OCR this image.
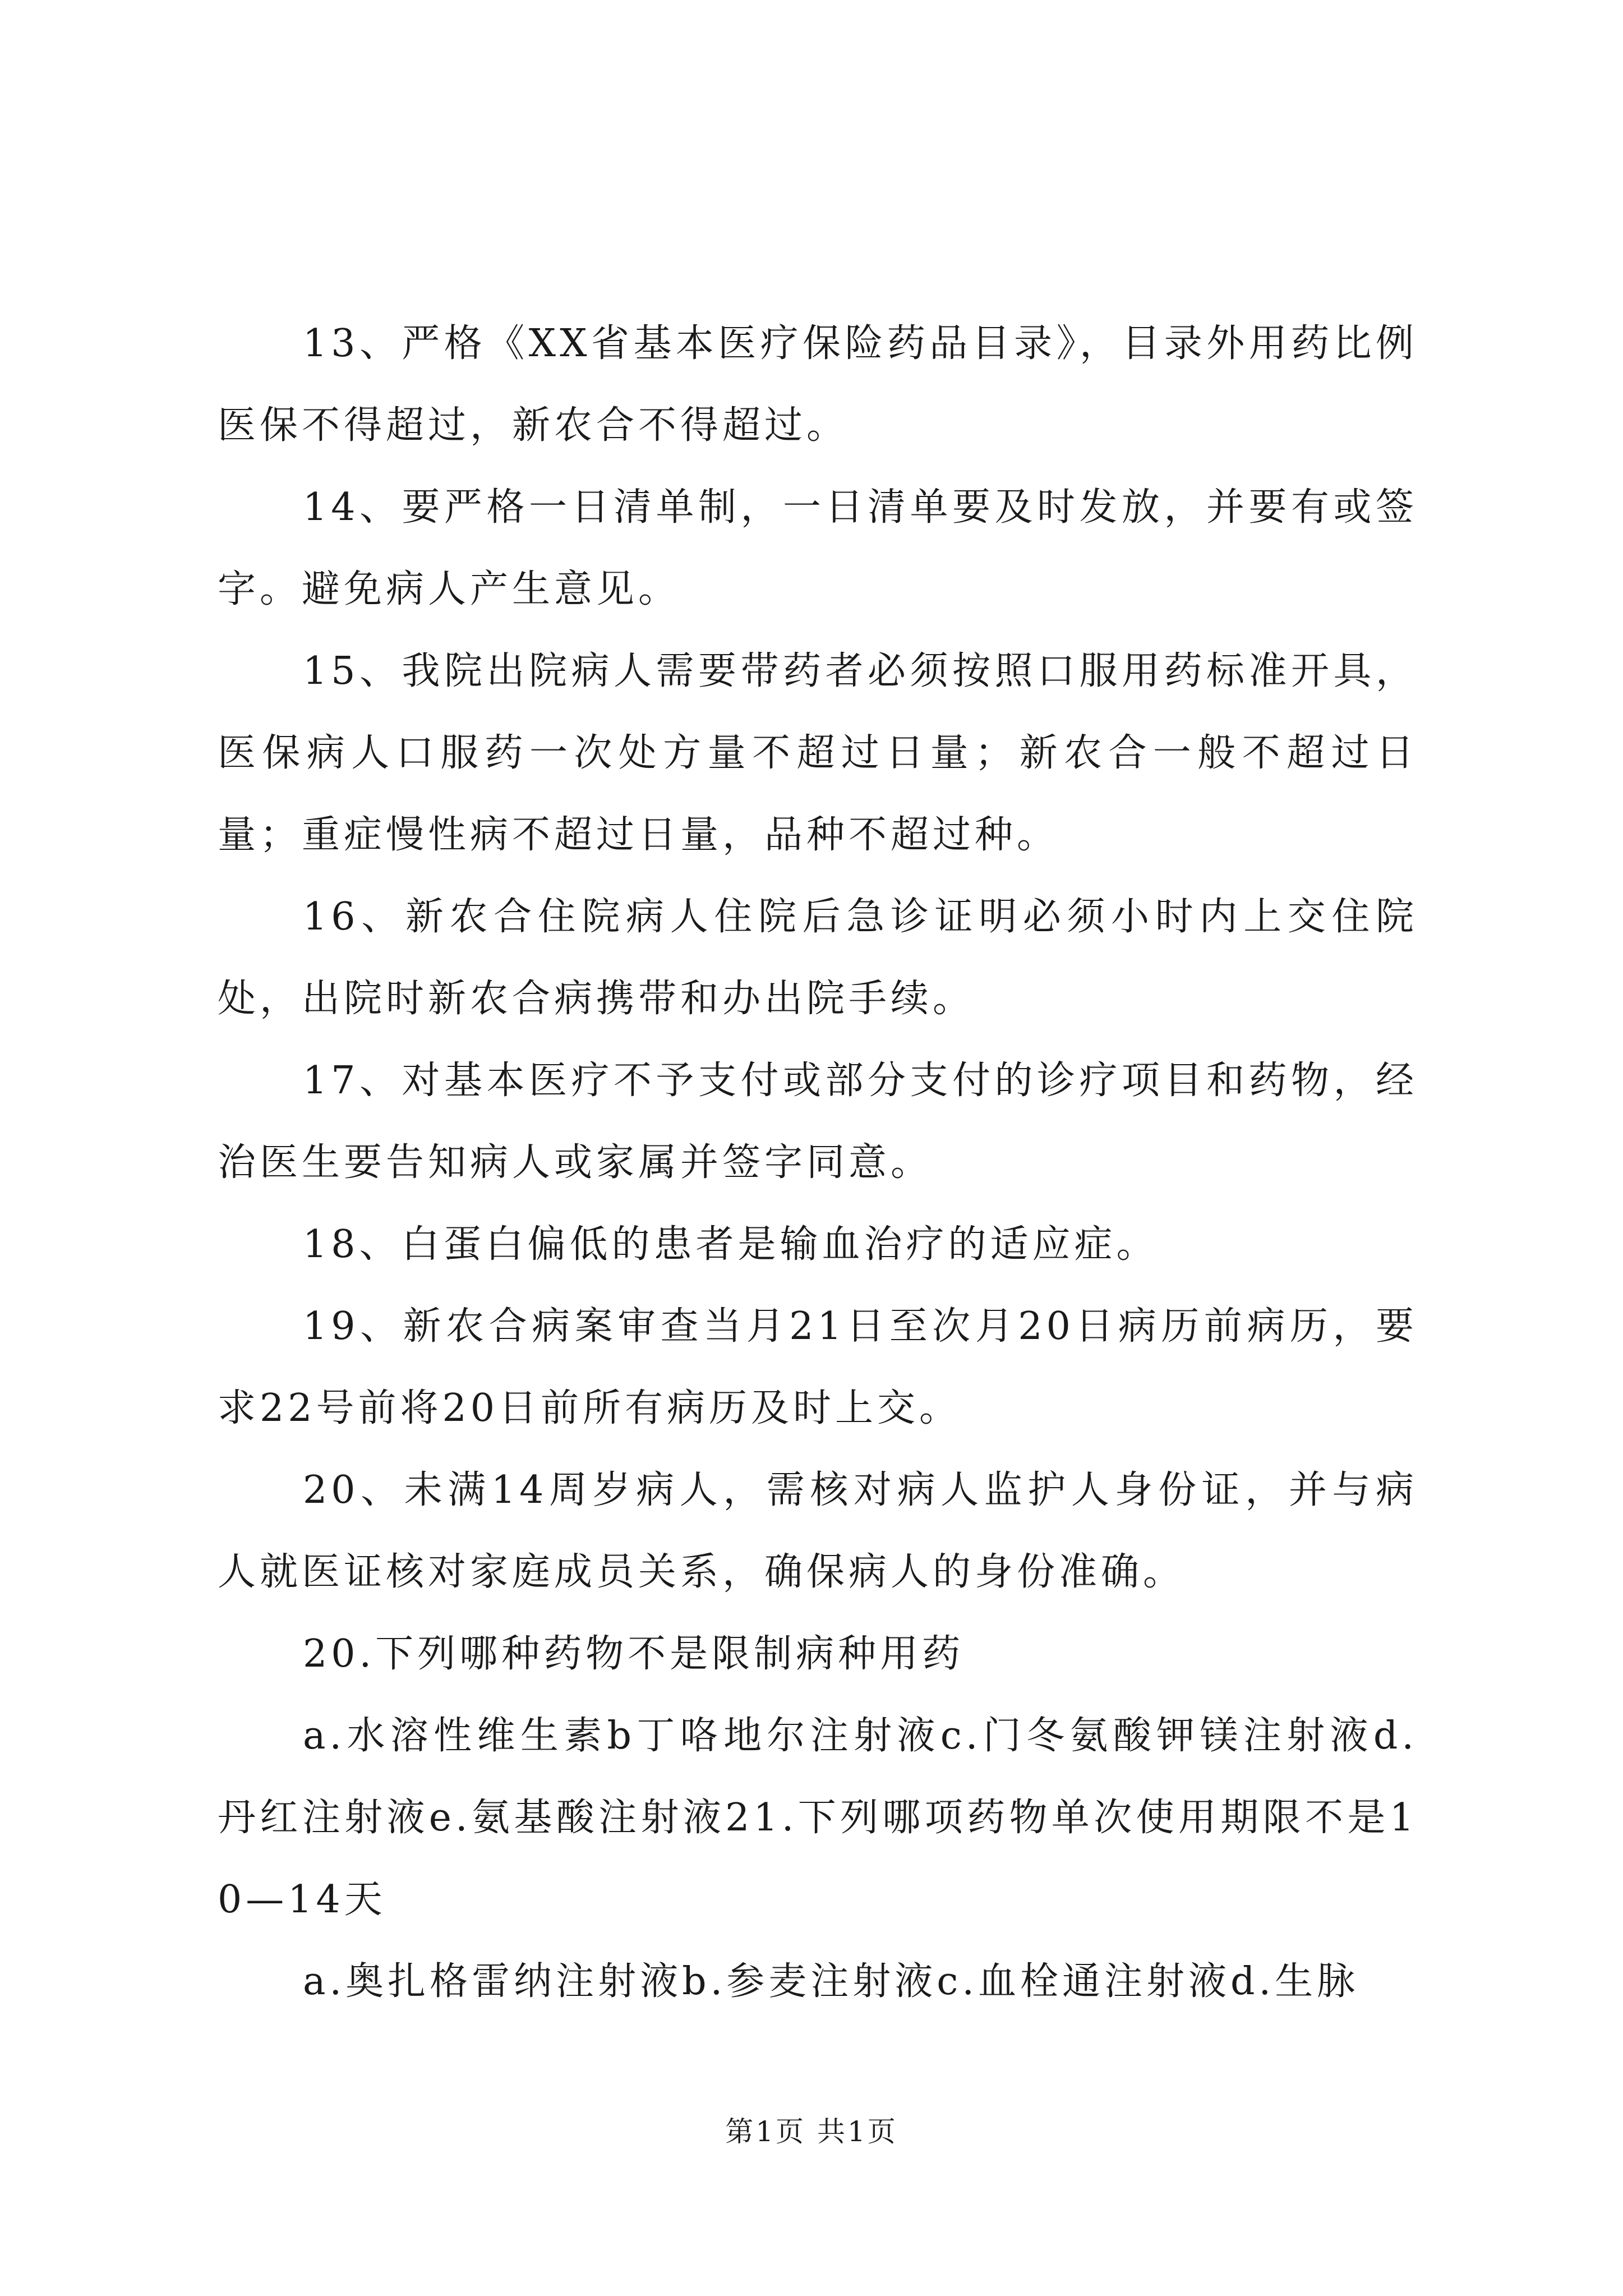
13、严格《XX省基本医疗保险药品目录》，目录外用药比例医保不得超过，新农合不得超过。

14、要严格一日清单制，一日清单要及时发放，并要有或签字。避免病人产生意见。

15、我院出院病人需要带药者必须按照口服用药标准开具，医保病人口服药一次处方量不超过日量；新农合一般不超过日量；重症慢性病不超过日量，品种不超过种。

16、新农合住院病人住院后急诊证明必须小时内上交住院处，出院时新农合病携带和办出院手续。

17、对基本医疗不予支付或部分支付的诊疗项目和药物，经治医生要告知病人或家属并签字同意。

18、白蛋白偏低的患者是输血治疗的适应症。

19、新农合病案审查当月21日至次月20日病历前病历，要求22号前将20日前所有病历及时上交。

20、未满14周岁病人，需核对病人监护人身份证，并与病人就医证核对家庭成员关系，确保病人的身份准确。

20.下列哪种药物不是限制病种用药

a.水溶性维生素b丁咯地尔注射液c.门冬氨酸钾镁注射液d.丹红注射液e.氨基酸注射液21.下列哪项药物单次使用期限不是10—14天

a.奥扎格雷纳注射液b.参麦注射液c.血栓通注射液d.生脉

第1页 共1页
